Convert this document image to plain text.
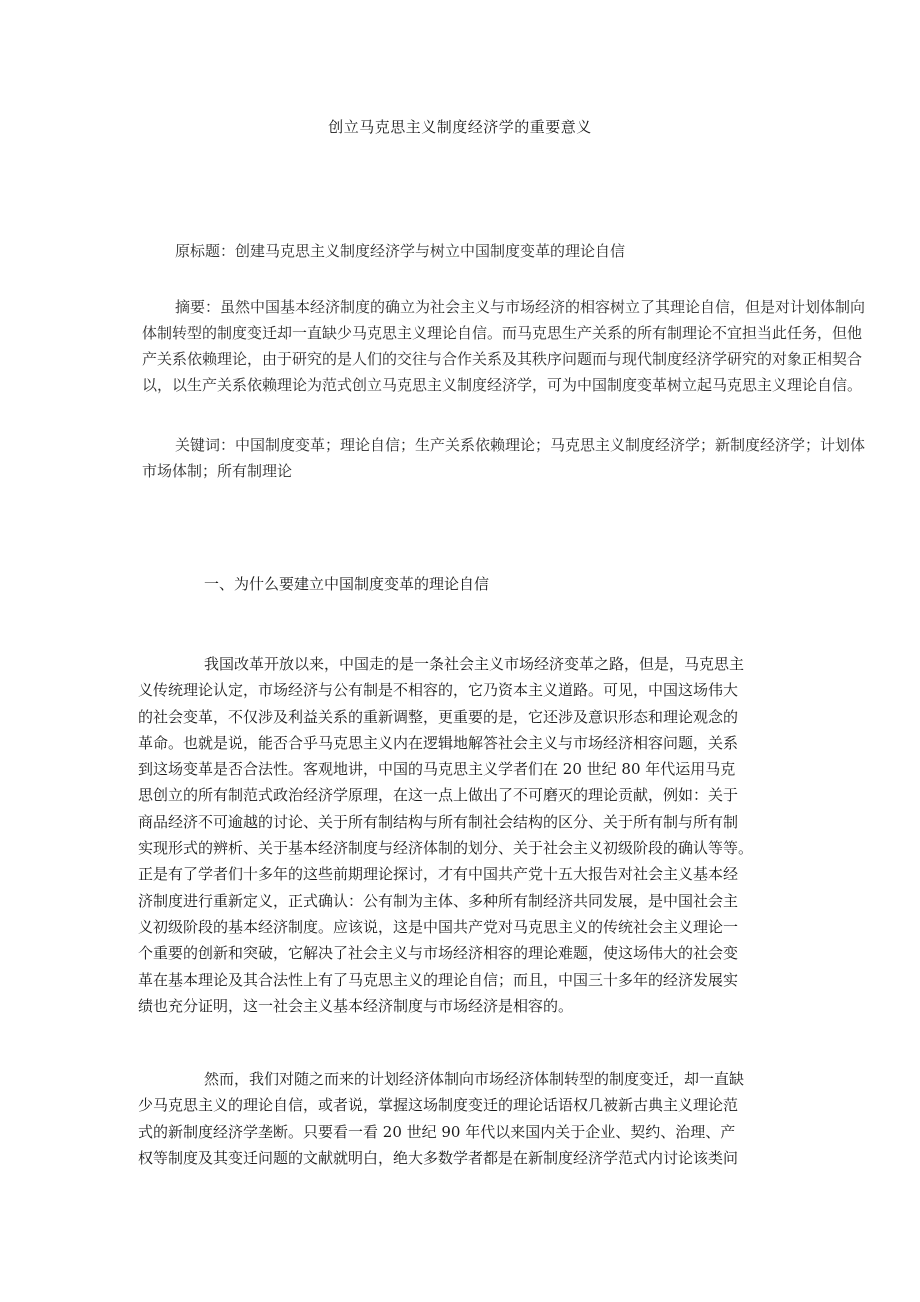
创立马克思主义制度经济学的重要意义
原标题：创建马克思主义制度经济学与树立中国制度变革的理论自信
摘要：虽然中国基本经济制度的确立为社会主义与市场经济的相容树立了其理论自信，但是对计划体制向
体制转型的制度变迁却一直缺少马克思主义理论自信。而马克思生产关系的所有制理论不宜担当此任务，但他
产关系依赖理论，由于研究的是人们的交往与合作关系及其秩序问题而与现代制度经济学研究的对象正相契合
以，以生产关系依赖理论为范式创立马克思主义制度经济学，可为中国制度变革树立起马克思主义理论自信。
关键词：中国制度变革；理论自信；生产关系依赖理论；马克思主义制度经济学；新制度经济学；计划体
市场体制；所有制理论
一、为什么要建立中国制度变革的理论自信
我国改革开放以来，中国走的是一条社会主义市场经济变革之路，但是，马克思主
义传统理论认定，市场经济与公有制是不相容的，它乃资本主义道路。可见，中国这场伟大
的社会变革，不仅涉及利益关系的重新调整，更重要的是，它还涉及意识形态和理论观念的
革命。也就是说，能否合乎马克思主义内在逻辑地解答社会主义与市场经济相容问题，关系
到这场变革是否合法性。客观地讲，中国的马克思主义学者们在 20 世纪 80 年代运用马克
思创立的所有制范式政治经济学原理，在这一点上做出了不可磨灭的理论贡献，例如：关于
商品经济不可逾越的讨论、关于所有制结构与所有制社会结构的区分、关于所有制与所有制
实现形式的辨析、关于基本经济制度与经济体制的划分、关于社会主义初级阶段的确认等等。
正是有了学者们十多年的这些前期理论探讨，才有中国共产党十五大报告对社会主义基本经
济制度进行重新定义，正式确认：公有制为主体、多种所有制经济共同发展，是中国社会主
义初级阶段的基本经济制度。应该说，这是中国共产党对马克思主义的传统社会主义理论一
个重要的创新和突破，它解决了社会主义与市场经济相容的理论难题，使这场伟大的社会变
革在基本理论及其合法性上有了马克思主义的理论自信；而且，中国三十多年的经济发展实
绩也充分证明，这一社会主义基本经济制度与市场经济是相容的。
然而，我们对随之而来的计划经济体制向市场经济体制转型的制度变迁，却一直缺
少马克思主义的理论自信，或者说，掌握这场制度变迁的理论话语权几被新古典主义理论范
式的新制度经济学垄断。只要看一看 20 世纪 90 年代以来国内关于企业、契约、治理、产
权等制度及其变迁问题的文献就明白，绝大多数学者都是在新制度经济学范式内讨论该类问
